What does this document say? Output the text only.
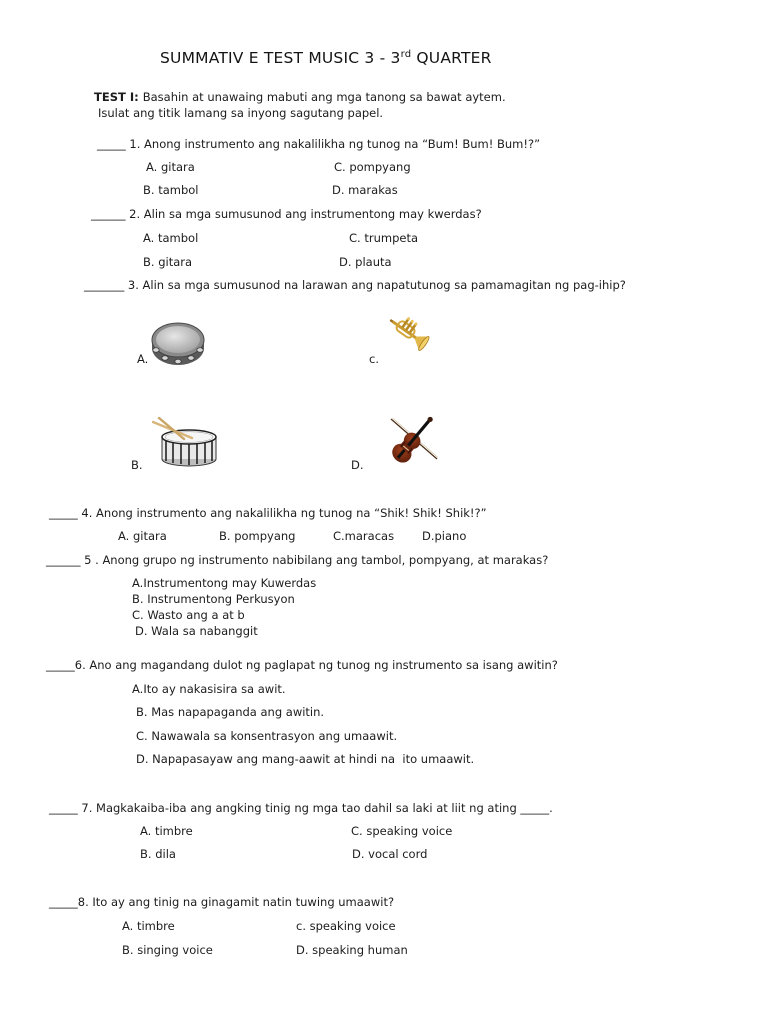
SUMMATIV E TEST MUSIC 3 - 3rd QUARTER
TEST I: Basahin at unawaing mabuti ang mga tanong sa bawat aytem.
Isulat ang titik lamang sa inyong sagutang papel.
_____ 1. Anong instrumento ang nakalilikha ng tunog na “Bum! Bum! Bum!?”
A. gitara	C. pompyang
B. tambol	D. marakas
______ 2. Alin sa mga sumusunod ang instrumentong may kwerdas?
A. tambol	C. trumpeta
B. gitara	D. plauta
_______ 3. Alin sa mga sumusunod na larawan ang napatutunog sa pamamagitan ng pag-ihip?
A.	c.
B.	D.
_____ 4. Anong instrumento ang nakalilikha ng tunog na “Shik! Shik! Shik!?”
A. gitara	B. pompyang	C.maracas D.piano
______ 5 . Anong grupo ng instrumento nabibilang ang tambol, pompyang, at marakas?
A.Instrumentong may Kuwerdas
B. Instrumentong Perkusyon
C. Wasto ang a at b
D. Wala sa nabanggit
_____6. Ano ang magandang dulot ng paglapat ng tunog ng instrumento sa isang awitin?
A.Ito ay nakasisira sa awit.
B. Mas napapaganda ang awitin.
C. Nawawala sa konsentrasyon ang umaawit.
D. Napapasayaw ang mang-aawit at hindi na  ito umaawit.
_____ 7. Magkakaiba-iba ang angking tinig ng mga tao dahil sa laki at liit ng ating _____.
A. timbre	C. speaking voice
B. dila	D. vocal cord
_____8. Ito ay ang tinig na ginagamit natin tuwing umaawit?
A. timbre	c. speaking voice
B. singing voice	D. speaking human
